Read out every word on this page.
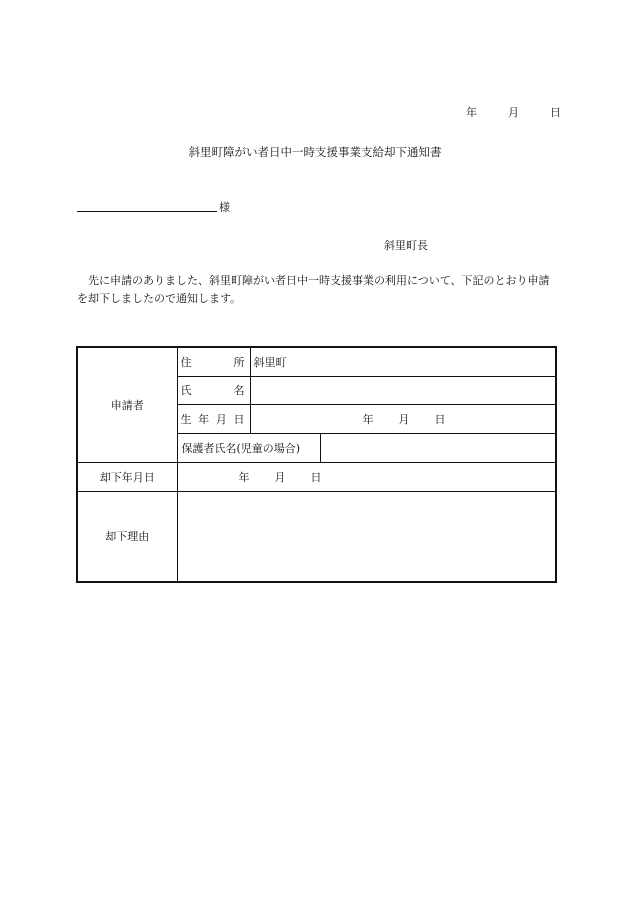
年	月	日
斜里町障がい者日中一時支援事業支給却下通知書
様
斜里町長
先に申請のありました、斜里町障がい者日中一時支援事業の利用について、下記のとおり申請を却下しましたので通知します。
申請者	住 所	斜里町	

	氏 名		

	生 年 月 日	年 月 日	

	保護者氏名(児童の場合)		
却下年月日	年 月 日		

却下理由			
